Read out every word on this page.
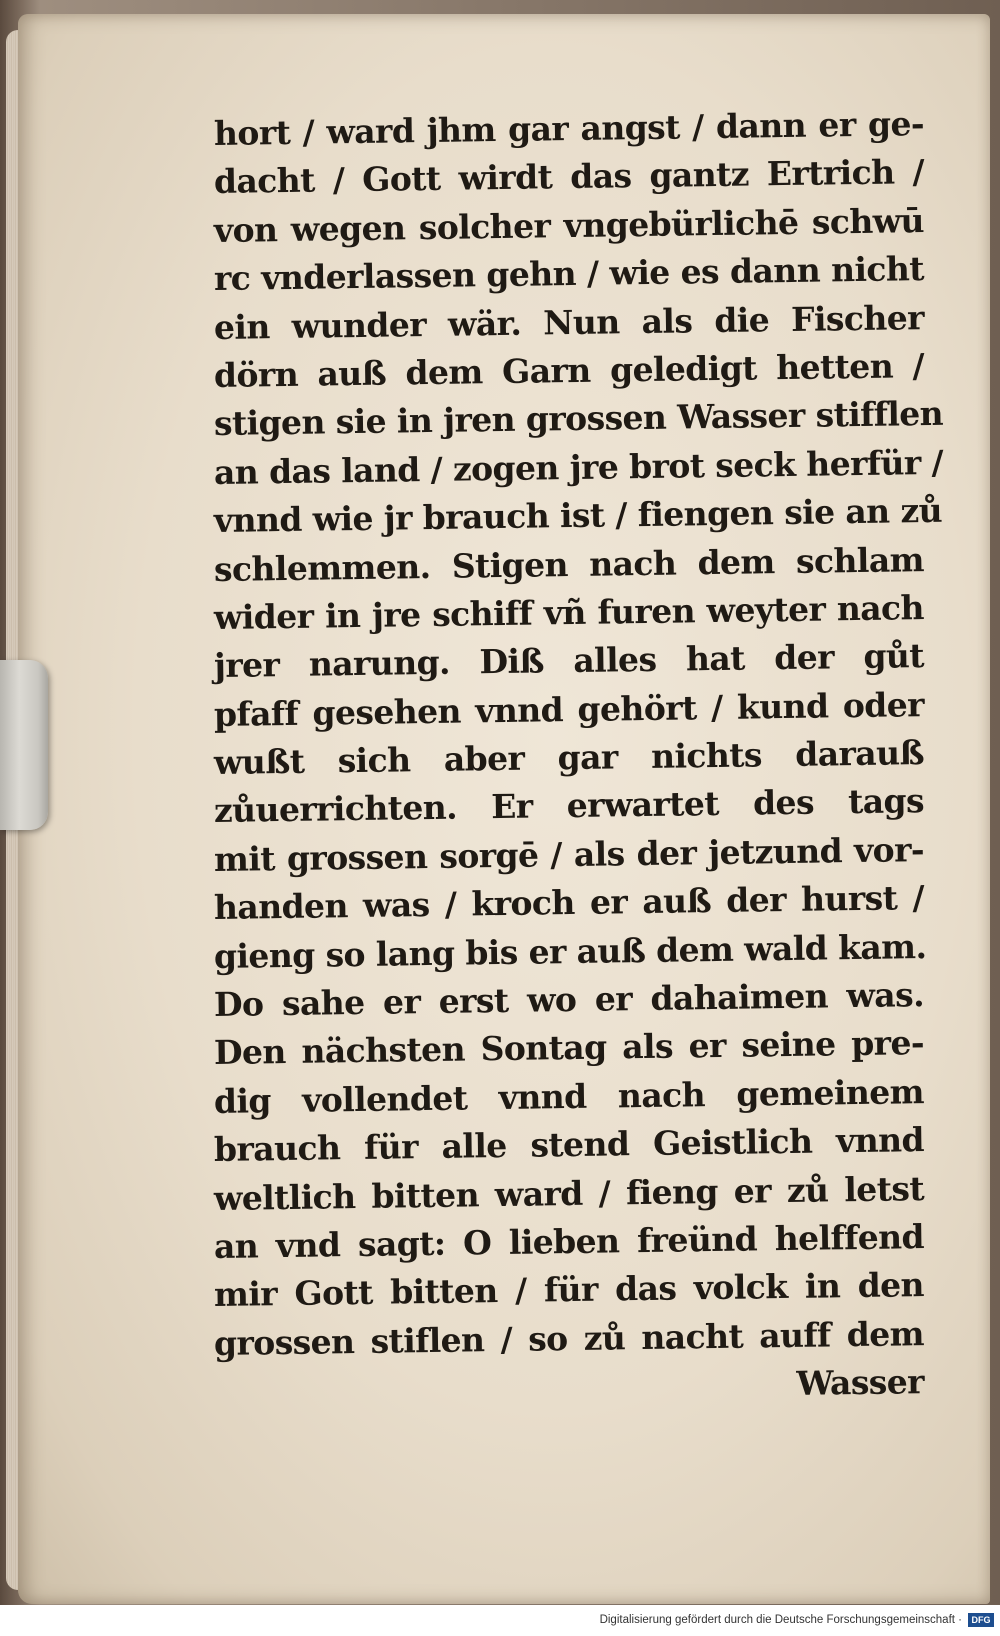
hort / ward jhm gar angst / dann er ge-
dacht / Gott wirdt das gantz Ertrich /
von wegen solcher vngebürlichē schwū
rc vnderlassen gehn / wie es dann nicht
ein wunder wär. Nun als die Fischer
dörn auß dem Garn geledigt hetten /
stigen sie in jren grossen Wasser stifflen
an das land / zogen jre brot seck herfür /
vnnd wie jr brauch ist / fiengen sie an zů
schlemmen. Stigen nach dem schlam
wider in jre schiff vñ furen weyter nach
jrer narung. Diß alles hat der gůt
pfaff gesehen vnnd gehört / kund oder
wußt sich aber gar nichts darauß
zůuerrichten. Er erwartet des tags
mit grossen sorgē / als der jetzund vor-
handen was / kroch er auß der hurst /
gieng so lang bis er auß dem wald kam.
Do sahe er erst wo er dahaimen was.
Den nächsten Sontag als er seine pre-
dig vollendet vnnd nach gemeinem
brauch für alle stend Geistlich vnnd
weltlich bitten ward / fieng er zů letst
an vnd sagt: O lieben freünd helffend
mir Gott bitten / für das volck in den
grossen stiflen / so zů nacht auff dem
Wasser
Digitalisierung gefördert durch die Deutsche Forschungsgemeinschaft ·	DFG
